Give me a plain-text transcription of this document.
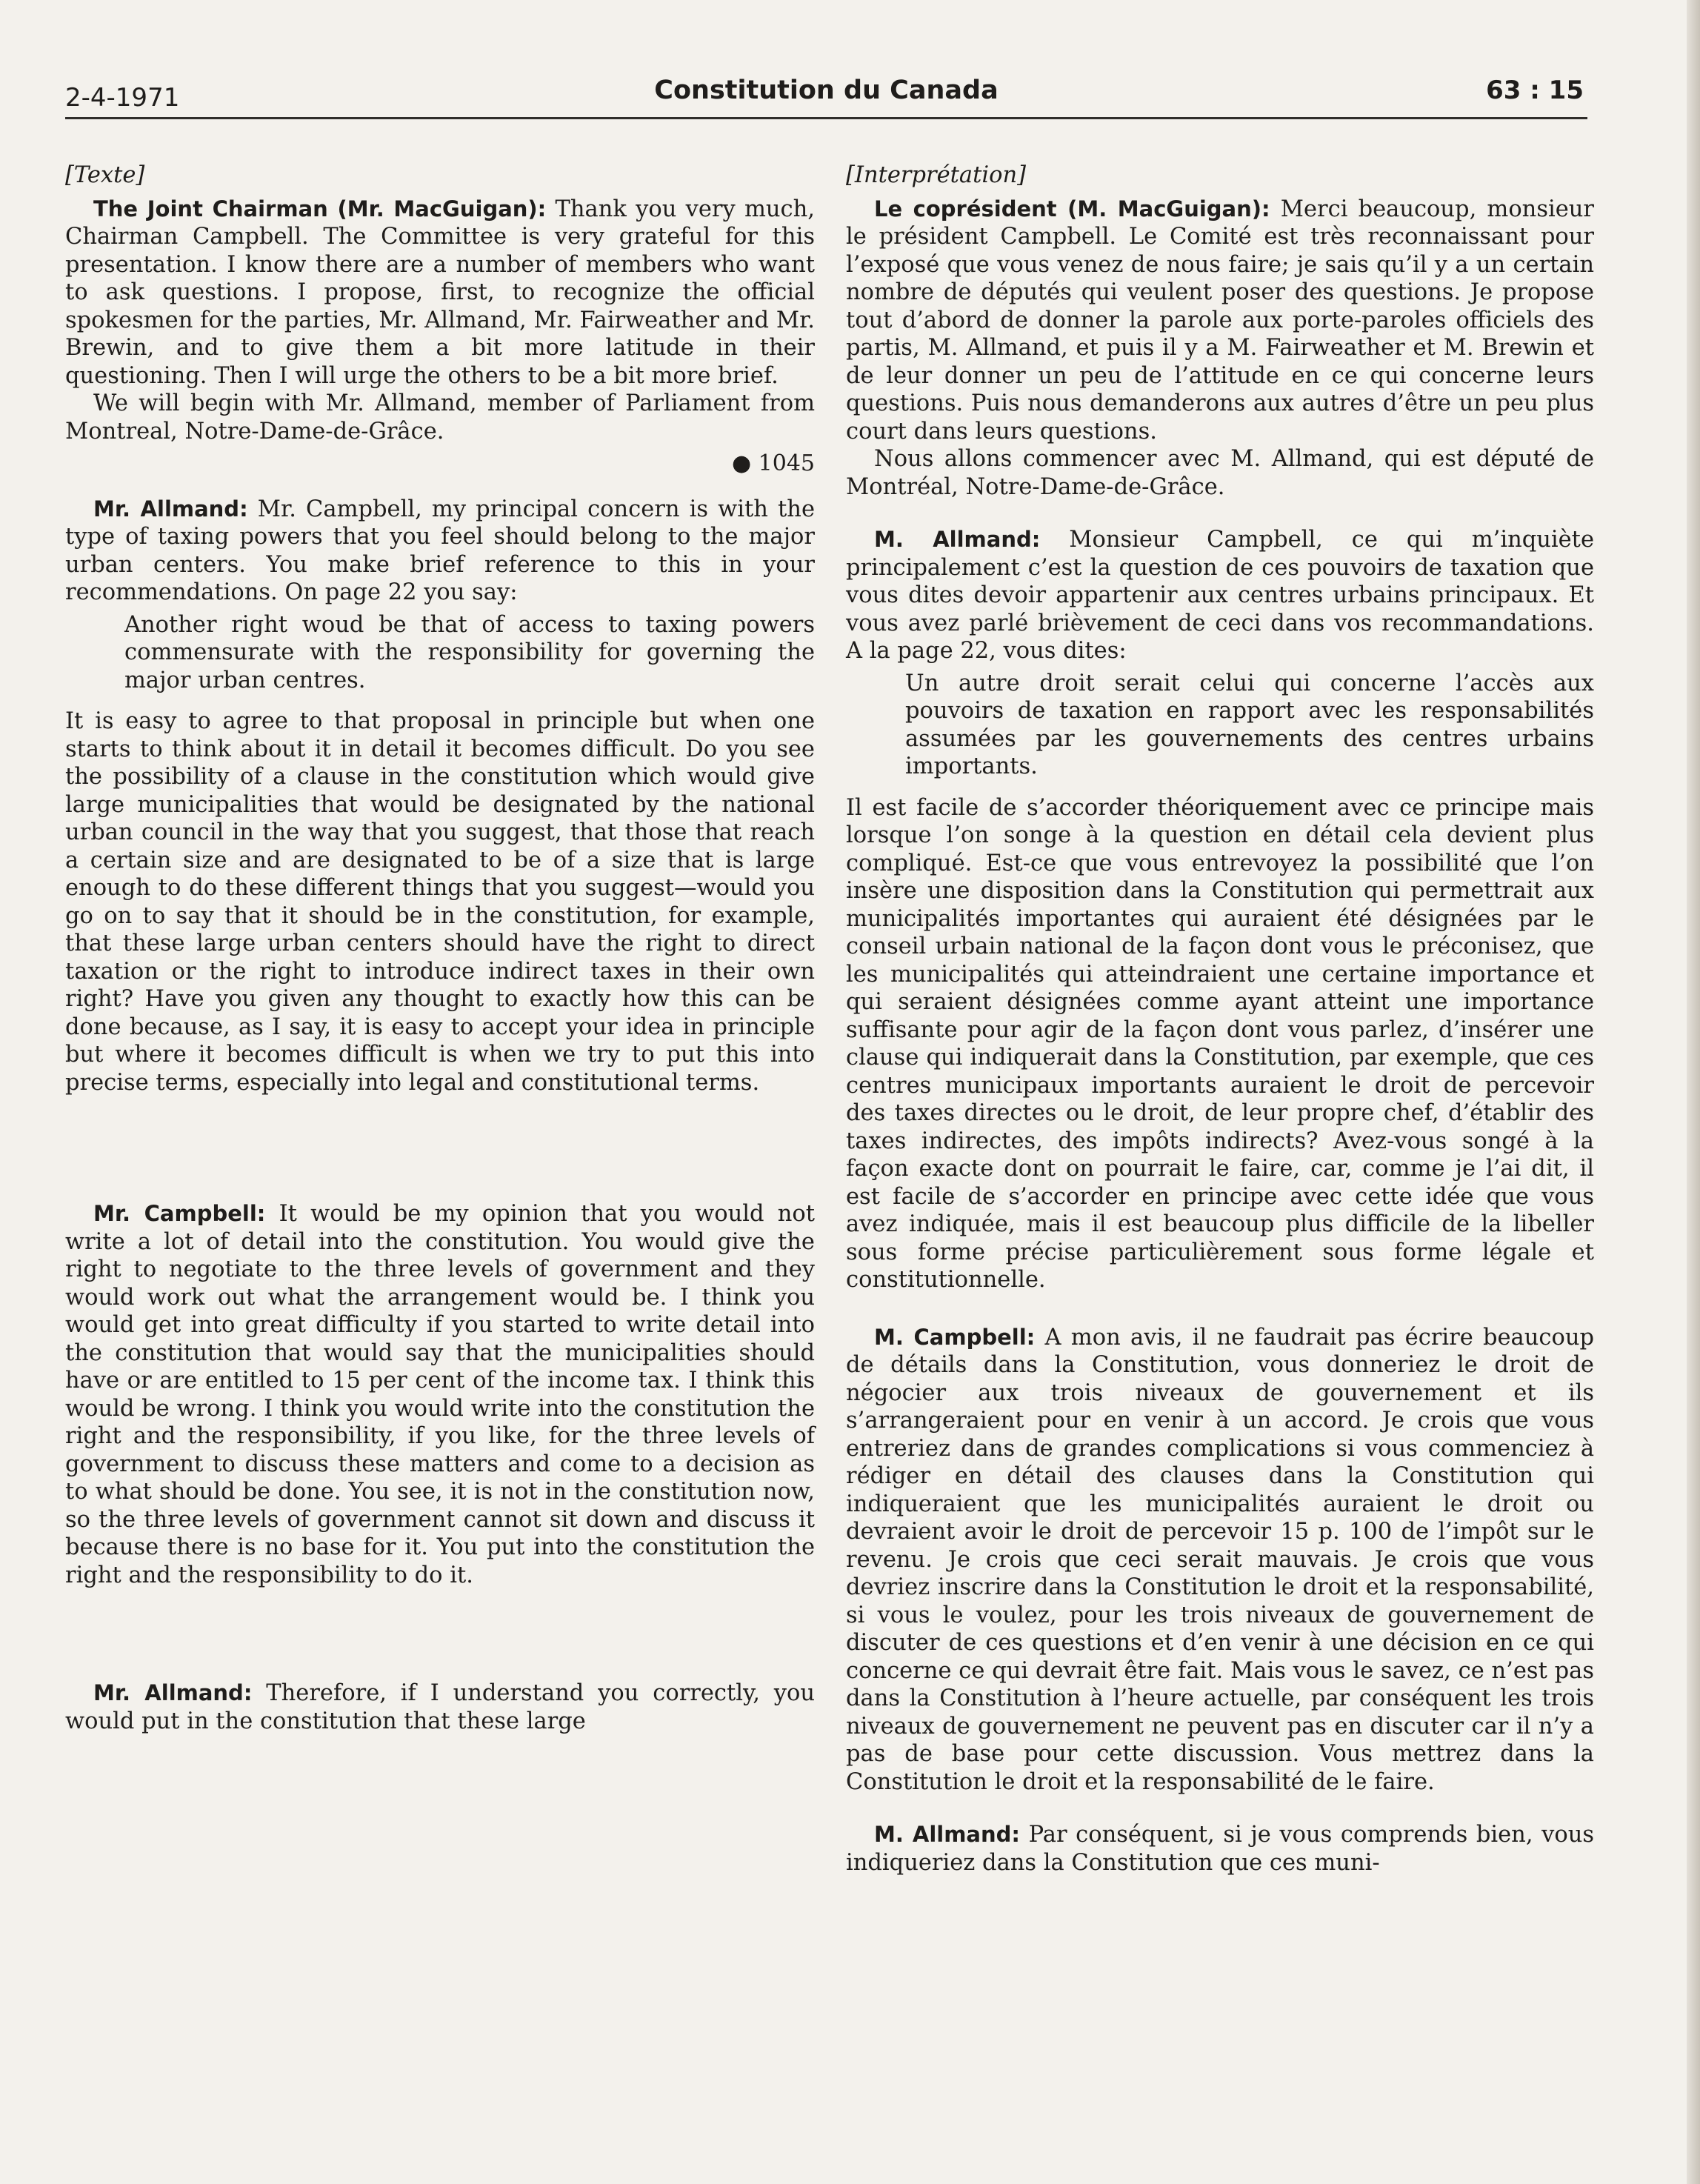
2-4-1971	Constitution du Canada	63 : 15

[Texte]

The Joint Chairman (Mr. MacGuigan): Thank you very much, Chairman Campbell. The Committee is very grateful for this presentation. I know there are a number of members who want to ask questions. I propose, first, to recognize the official spokesmen for the parties, Mr. Allmand, Mr. Fairweather and Mr. Brewin, and to give them a bit more latitude in their questioning. Then I will urge the others to be a bit more brief.

We will begin with Mr. Allmand, member of Parliament from Montreal, Notre-Dame-de-Grâce.

● 1045

Mr. Allmand: Mr. Campbell, my principal concern is with the type of taxing powers that you feel should belong to the major urban centers. You make brief reference to this in your recommendations. On page 22 you say:

Another right woud be that of access to taxing powers commensurate with the responsibility for governing the major urban centres.

It is easy to agree to that proposal in principle but when one starts to think about it in detail it becomes difficult. Do you see the possibility of a clause in the constitution which would give large municipalities that would be designated by the national urban council in the way that you suggest, that those that reach a certain size and are designated to be of a size that is large enough to do these different things that you suggest—would you go on to say that it should be in the constitution, for example, that these large urban centers should have the right to direct taxation or the right to introduce indirect taxes in their own right? Have you given any thought to exactly how this can be done because, as I say, it is easy to accept your idea in principle but where it becomes difficult is when we try to put this into precise terms, especially into legal and constitutional terms.

Mr. Campbell: It would be my opinion that you would not write a lot of detail into the constitution. You would give the right to negotiate to the three levels of government and they would work out what the arrangement would be. I think you would get into great difficulty if you started to write detail into the constitution that would say that the municipalities should have or are entitled to 15 per cent of the income tax. I think this would be wrong. I think you would write into the constitution the right and the responsibility, if you like, for the three levels of government to discuss these matters and come to a decision as to what should be done. You see, it is not in the constitution now, so the three levels of government cannot sit down and discuss it because there is no base for it. You put into the constitution the right and the responsibility to do it.

Mr. Allmand: Therefore, if I understand you correctly, you would put in the constitution that these large

[Interprétation]

Le coprésident (M. MacGuigan): Merci beaucoup, monsieur le président Campbell. Le Comité est très reconnaissant pour l’exposé que vous venez de nous faire; je sais qu’il y a un certain nombre de députés qui veulent poser des questions. Je propose tout d’abord de donner la parole aux porte-paroles officiels des partis, M. Allmand, et puis il y a M. Fairweather et M. Brewin et de leur donner un peu de l’attitude en ce qui concerne leurs questions. Puis nous demanderons aux autres d’être un peu plus court dans leurs questions.

Nous allons commencer avec M. Allmand, qui est député de Montréal, Notre-Dame-de-Grâce.

M. Allmand: Monsieur Campbell, ce qui m’inquiète principalement c’est la question de ces pouvoirs de taxation que vous dites devoir appartenir aux centres urbains principaux. Et vous avez parlé brièvement de ceci dans vos recommandations. A la page 22, vous dites:

Un autre droit serait celui qui concerne l’accès aux pouvoirs de taxation en rapport avec les responsabilités assumées par les gouvernements des centres urbains importants.

Il est facile de s’accorder théoriquement avec ce principe mais lorsque l’on songe à la question en détail cela devient plus compliqué. Est-ce que vous entrevoyez la possibilité que l’on insère une disposition dans la Constitution qui permettrait aux municipalités importantes qui auraient été désignées par le conseil urbain national de la façon dont vous le préconisez, que les municipalités qui atteindraient une certaine importance et qui seraient désignées comme ayant atteint une importance suffisante pour agir de la façon dont vous parlez, d’insérer une clause qui indiquerait dans la Constitution, par exemple, que ces centres municipaux importants auraient le droit de percevoir des taxes directes ou le droit, de leur propre chef, d’établir des taxes indirectes, des impôts indirects? Avez-vous songé à la façon exacte dont on pourrait le faire, car, comme je l’ai dit, il est facile de s’accorder en principe avec cette idée que vous avez indiquée, mais il est beaucoup plus difficile de la libeller sous forme précise particulièrement sous forme légale et constitutionnelle.

M. Campbell: A mon avis, il ne faudrait pas écrire beaucoup de détails dans la Constitution, vous donneriez le droit de négocier aux trois niveaux de gouvernement et ils s’arrangeraient pour en venir à un accord. Je crois que vous entreriez dans de grandes complications si vous commenciez à rédiger en détail des clauses dans la Constitution qui indiqueraient que les municipalités auraient le droit ou devraient avoir le droit de percevoir 15 p. 100 de l’impôt sur le revenu. Je crois que ceci serait mauvais. Je crois que vous devriez inscrire dans la Constitution le droit et la responsabilité, si vous le voulez, pour les trois niveaux de gouvernement de discuter de ces questions et d’en venir à une décision en ce qui concerne ce qui devrait être fait. Mais vous le savez, ce n’est pas dans la Constitution à l’heure actuelle, par conséquent les trois niveaux de gouvernement ne peuvent pas en discuter car il n’y a pas de base pour cette discussion. Vous mettrez dans la Constitution le droit et la responsabilité de le faire.

M. Allmand: Par conséquent, si je vous comprends bien, vous indiqueriez dans la Constitution que ces muni-
